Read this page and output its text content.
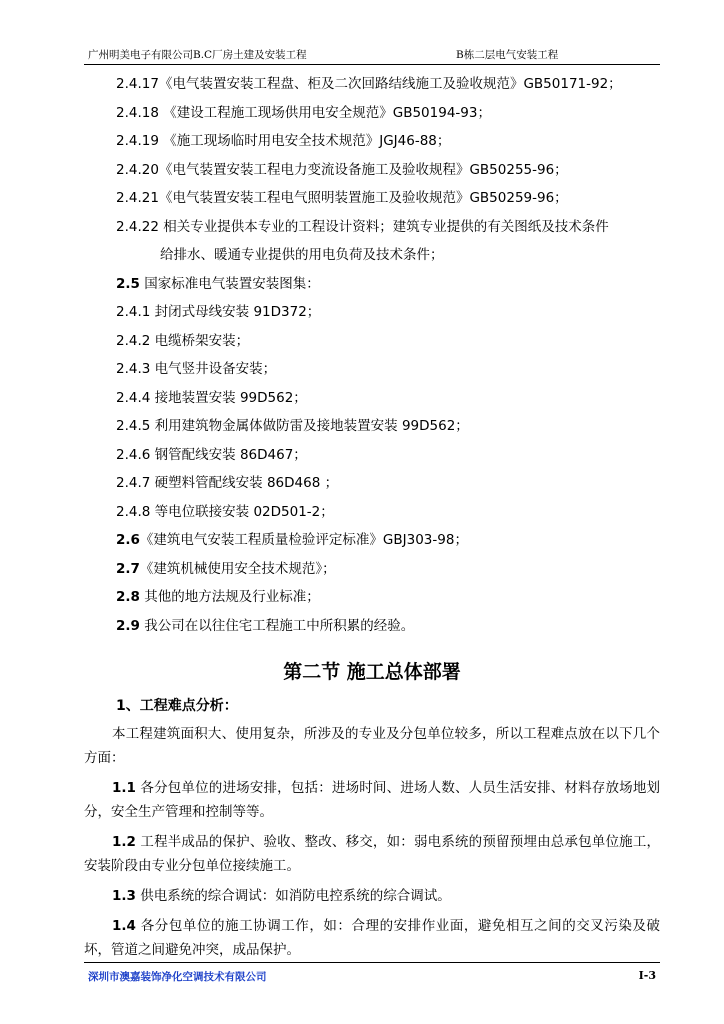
广州明美电子有限公司B.C厂房土建及安装工程	B栋二层电气安装工程
2.4.17《电气装置安装工程盘、柜及二次回路结线施工及验收规范》GB50171-92；
2.4.18 《建设工程施工现场供用电安全规范》GB50194-93；
2.4.19 《施工现场临时用电安全技术规范》JGJ46-88；
2.4.20《电气装置安装工程电力变流设备施工及验收规程》GB50255-96；
2.4.21《电气装置安装工程电气照明装置施工及验收规范》GB50259-96；
2.4.22 相关专业提供本专业的工程设计资料；建筑专业提供的有关图纸及技术条件
给排水、暖通专业提供的用电负荷及技术条件；
2.5 国家标准电气装置安装图集：
2.4.1 封闭式母线安装 91D372；
2.4.2 电缆桥架安装；
2.4.3 电气竖井设备安装；
2.4.4 接地装置安装 99D562；
2.4.5 利用建筑物金属体做防雷及接地装置安装 99D562；
2.4.6 钢管配线安装 86D467；
2.4.7 硬塑料管配线安装 86D468 ；
2.4.8 等电位联接安装 02D501-2；
2.6《建筑电气安装工程质量检验评定标准》GBJ303-98；
2.7《建筑机械使用安全技术规范》；
2.8 其他的地方法规及行业标准；
2.9 我公司在以往住宅工程施工中所积累的经验。
第二节 施工总体部署
1、工程难点分析：
本工程建筑面积大、使用复杂，所涉及的专业及分包单位较多，所以工程难点放在以下几个方面：
1.1 各分包单位的进场安排，包括：进场时间、进场人数、人员生活安排、材料存放场地划分，安全生产管理和控制等等。
1.2 工程半成品的保护、验收、整改、移交，如：弱电系统的预留预埋由总承包单位施工，安装阶段由专业分包单位接续施工。
1.3 供电系统的综合调试：如消防电控系统的综合调试。
1.4 各分包单位的施工协调工作，如：合理的安排作业面，避免相互之间的交叉污染及破坏，管道之间避免冲突，成品保护。
深圳市澳嘉装饰净化空调技术有限公司	Ⅰ-3
